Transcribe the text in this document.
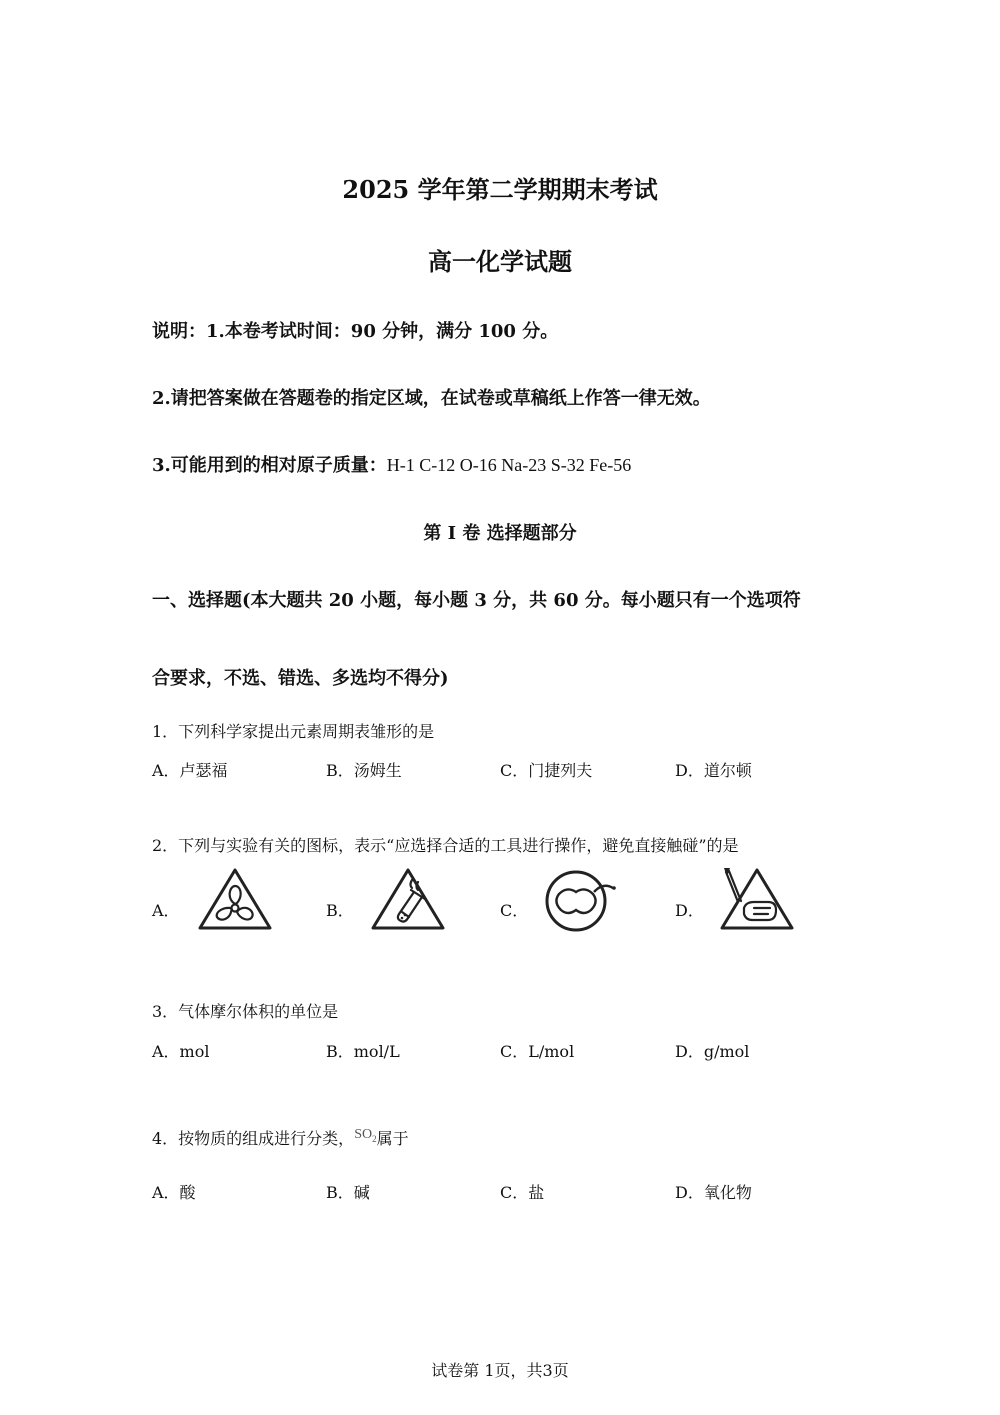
2025 学年第二学期期末考试
高一化学试题
说明：1.本卷考试时间：90 分钟，满分 100 分。
2.请把答案做在答题卷的指定区域，在试卷或草稿纸上作答一律无效。
3.可能用到的相对原子质量：H-1 C-12 O-16 Na-23 S-32 Fe-56
第 Ⅰ 卷 选择题部分
一、选择题(本大题共 20 小题，每小题 3 分，共 60 分。每小题只有一个选项符
合要求，不选、错选、多选均不得分)
1．下列科学家提出元素周期表雏形的是
A．卢瑟福	B．汤姆生	C．门捷列夫	D．道尔顿
2．下列与实验有关的图标，表示“应选择合适的工具进行操作，避免直接触碰”的是
A．	B．	C．	D．
3．气体摩尔体积的单位是
A．mol	B．mol/L	C．L/mol	D．g/mol
4．按物质的组成进行分类，$SO_2$属于
A．酸	B．碱	C．盐	D．氧化物
试卷第 1页，共3页
